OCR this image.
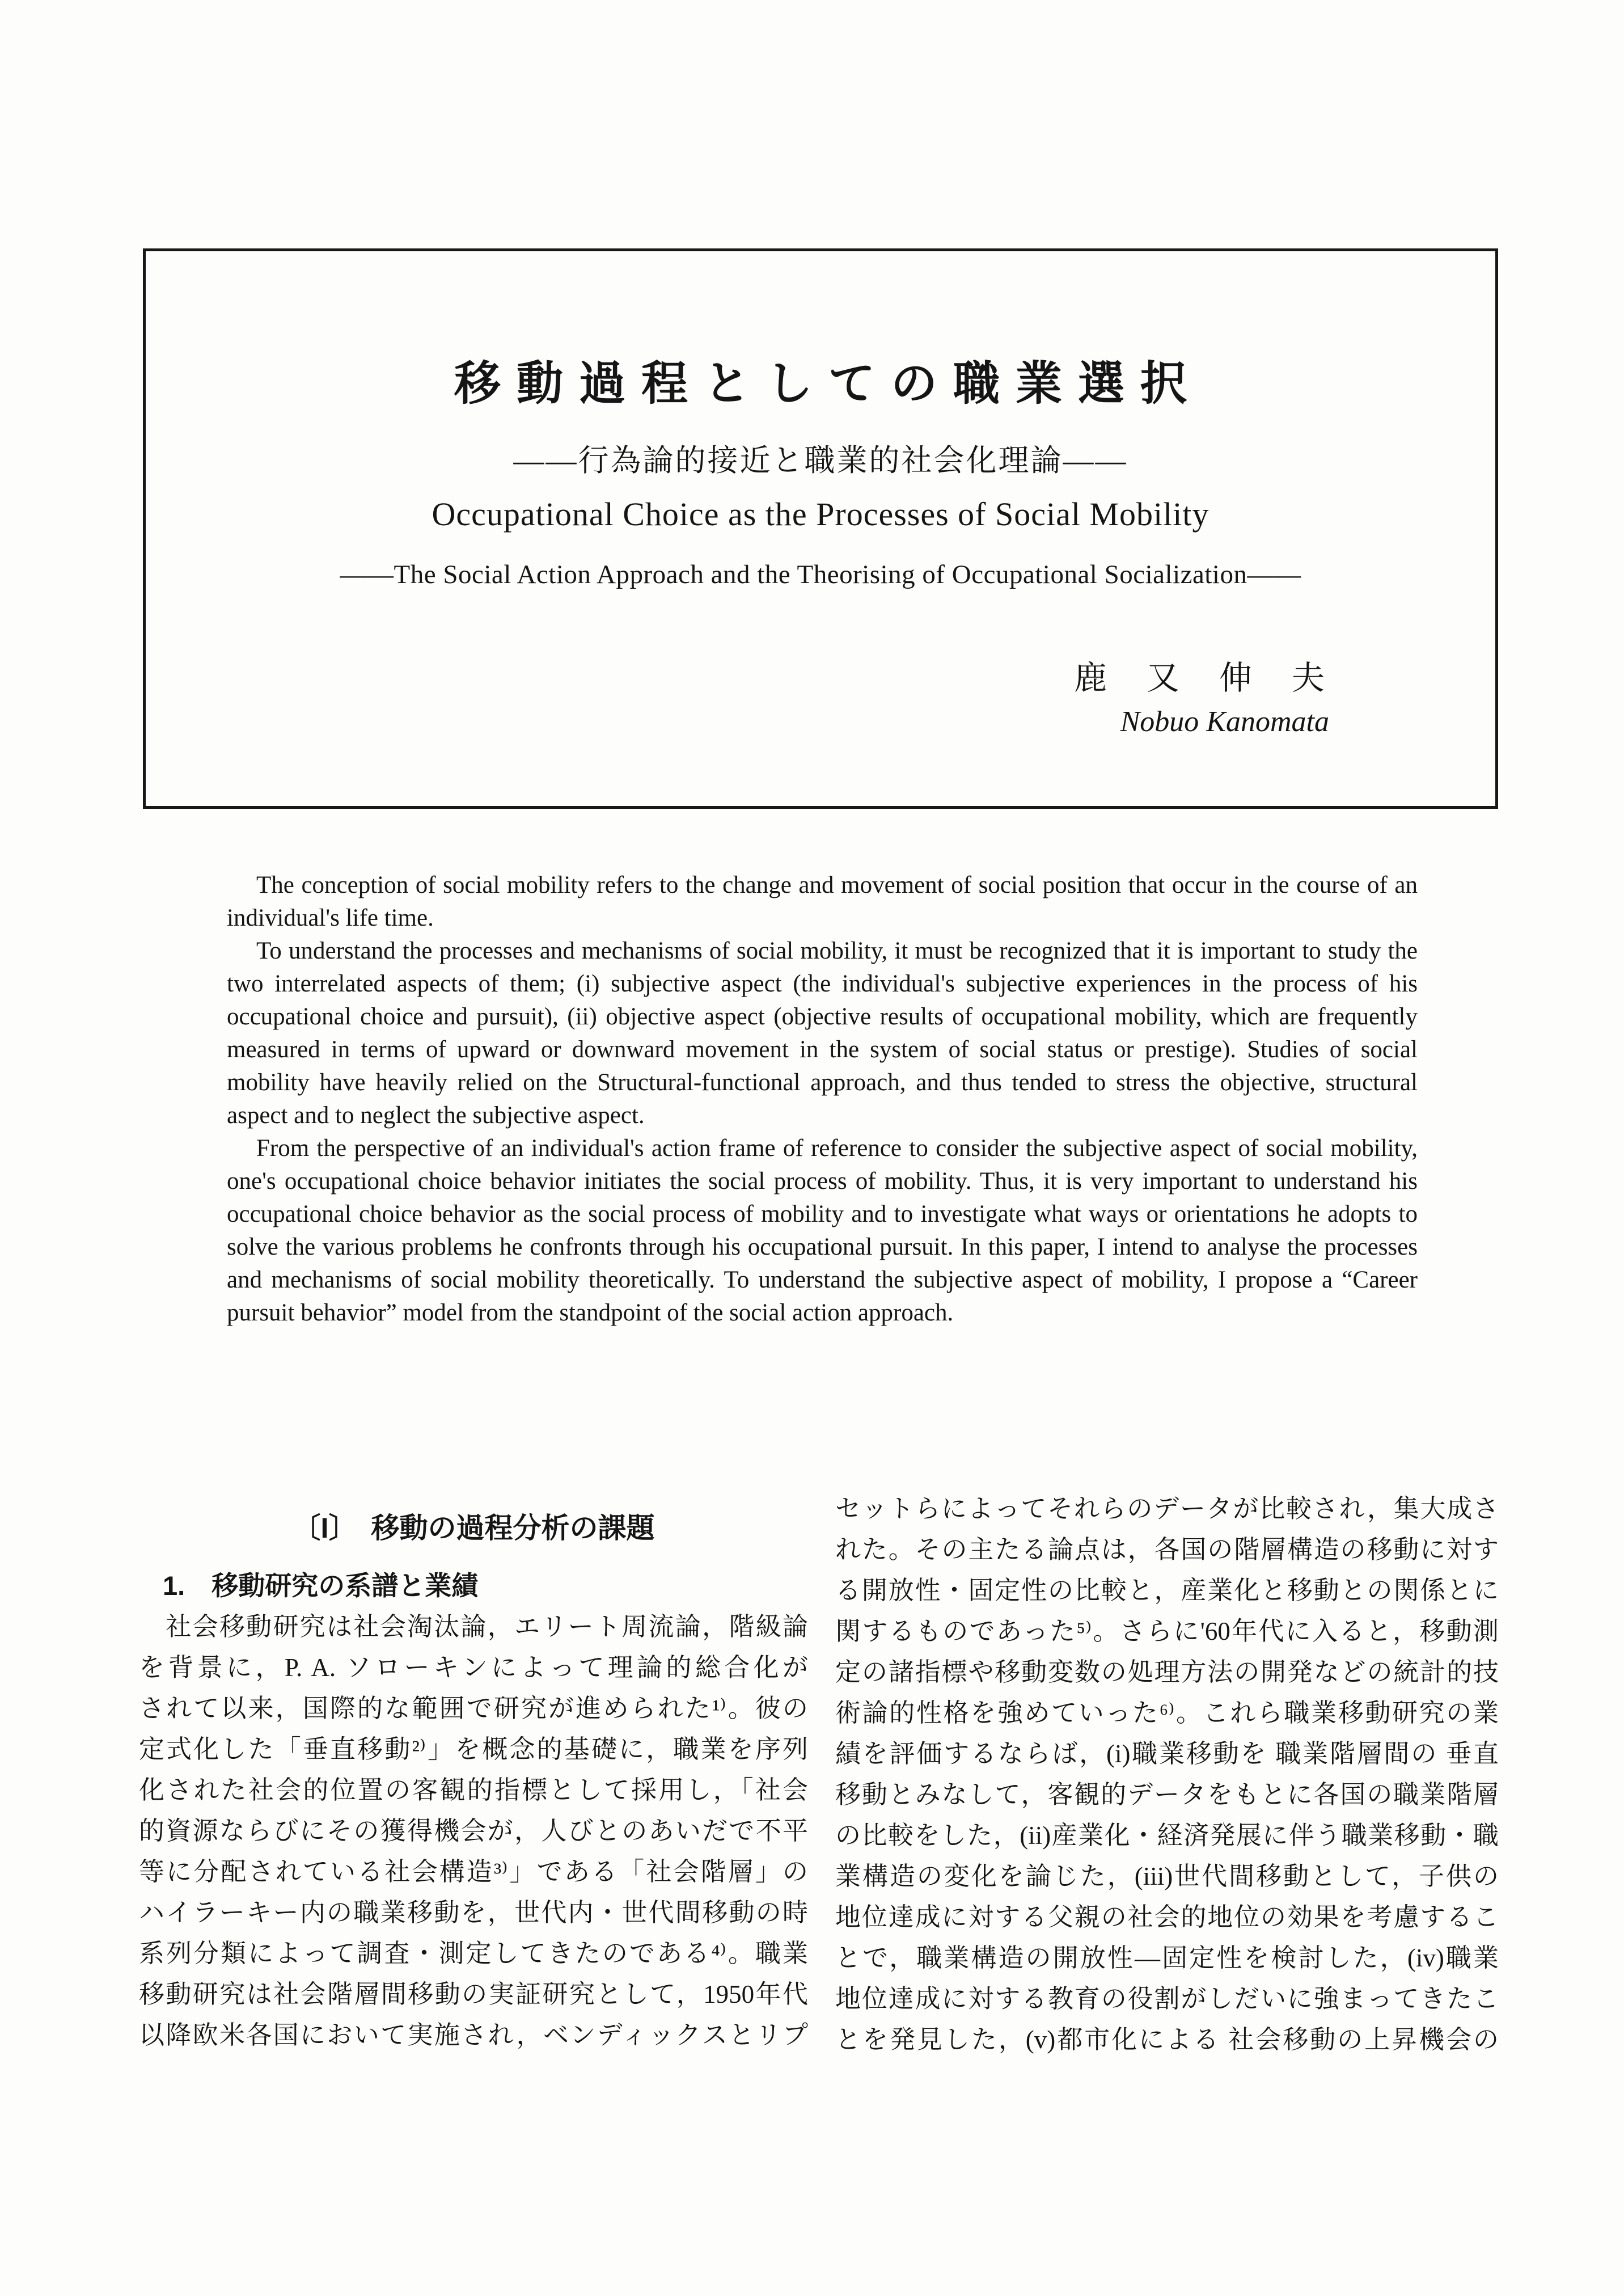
移動過程としての職業選択
——行為論的接近と職業的社会化理論——
Occupational Choice as the Processes of Social Mobility
——The Social Action Approach and the Theorising of Occupational Socialization——
鹿　又　伸　夫
Nobuo Kanomata
The conception of social mobility refers to the change and movement of social position that occur in the course of an individual's life time.
To understand the processes and mechanisms of social mobility, it must be recognized that it is important to study the two interrelated aspects of them; (i) subjective aspect (the individual's subjective experiences in the process of his occupational choice and pursuit), (ii) objective aspect (objective results of occupational mobility, which are frequently measured in terms of upward or downward movement in the system of social status or prestige). Studies of social mobility have heavily relied on the Structural-functional approach, and thus tended to stress the objective, structural aspect and to neglect the subjective aspect.
From the perspective of an individual's action frame of reference to consider the subjective aspect of social mobility, one's occupational choice behavior initiates the social process of mobility. Thus, it is very important to understand his occupational choice behavior as the social process of mobility and to investigate what ways or orientations he adopts to solve the various problems he confronts through his occupational pursuit. In this paper, I intend to analyse the processes and mechanisms of social mobility theoretically. To understand the subjective aspect of mobility, I propose a “Career pursuit behavior” model from the standpoint of the social action approach.
〔I〕　移動の過程分析の課題
1.　移動研究の系譜と業績
　社会移動研究は社会淘汰論，エリート周流論，階級論
を背景に，P. A. ソローキンによって理論的総合化が
されて以来，国際的な範囲で研究が進められた¹⁾。彼の
定式化した「垂直移動²⁾」を概念的基礎に，職業を序列
化された社会的位置の客観的指標として採用し，「社会
的資源ならびにその獲得機会が，人びとのあいだで不平
等に分配されている社会構造³⁾」である「社会階層」の
ハイラーキー内の職業移動を，世代内・世代間移動の時
系列分類によって調査・測定してきたのである⁴⁾。職業
移動研究は社会階層間移動の実証研究として，1950年代
以降欧米各国において実施され，ベンディックスとリプ
セットらによってそれらのデータが比較され，集大成さ
れた。その主たる論点は，各国の階層構造の移動に対す
る開放性・固定性の比較と，産業化と移動との関係とに
関するものであった⁵⁾。さらに'60年代に入ると，移動測
定の諸指標や移動変数の処理方法の開発などの統計的技
術論的性格を強めていった⁶⁾。これら職業移動研究の業
績を評価するならば，(i)職業移動を 職業階層間の 垂直
移動とみなして，客観的データをもとに各国の職業階層
の比較をした，(ii)産業化・経済発展に伴う職業移動・職
業構造の変化を論じた，(iii)世代間移動として，子供の
地位達成に対する父親の社会的地位の効果を考慮するこ
とで，職業構造の開放性―固定性を検討した，(iv)職業
地位達成に対する教育の役割がしだいに強まってきたこ
とを発見した，(v)都市化による 社会移動の上昇機会の
